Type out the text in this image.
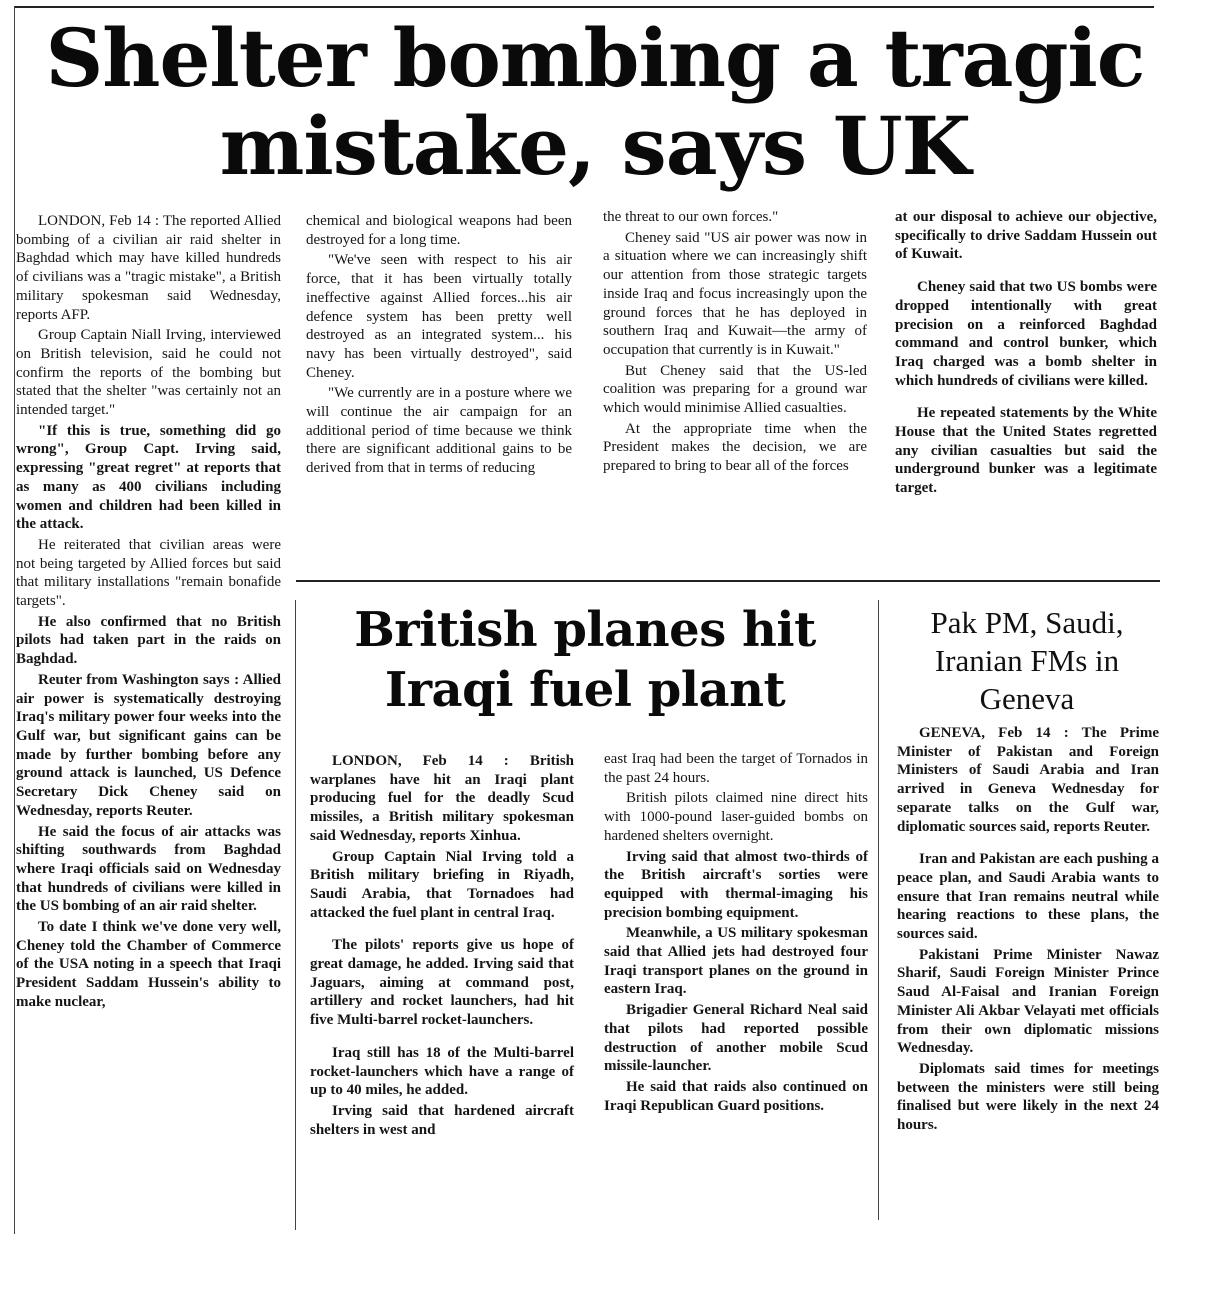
Shelter bombing a tragic mistake, says UK

LONDON, Feb 14 : The reported Allied bombing of a civilian air raid shelter in Baghdad which may have killed hundreds of civilians was a "tragic mistake", a British military spokesman said Wednesday, reports AFP.

Group Captain Niall Irving, interviewed on British television, said he could not confirm the reports of the bombing but stated that the shelter "was certainly not an intended target."

"If this is true, something did go wrong", Group Capt. Irving said, expressing "great regret" at reports that as many as 400 civilians including women and children had been killed in the attack.

He reiterated that civilian areas were not being targeted by Allied forces but said that military installations "remain bonafide targets".

He also confirmed that no British pilots had taken part in the raids on Baghdad.

Reuter from Washington says : Allied air power is systematically destroying Iraq's military power four weeks into the Gulf war, but significant gains can be made by further bombing before any ground attack is launched, US Defence Secretary Dick Cheney said on Wednesday, reports Reuter.

He said the focus of air attacks was shifting southwards from Baghdad where Iraqi officials said on Wednesday that hundreds of civilians were killed in the US bombing of an air raid shelter.

To date I think we've done very well, Cheney told the Chamber of Commerce of the USA noting in a speech that Iraqi President Saddam Hussein's ability to make nuclear,

chemical and biological weapons had been destroyed for a long time.

"We've seen with respect to his air force, that it has been virtually totally ineffective against Allied forces...his air defence system has been pretty well destroyed as an integrated system... his navy has been virtually destroyed", said Cheney.

"We currently are in a posture where we will continue the air campaign for an additional period of time because we think there are significant additional gains to be derived from that in terms of reducing

the threat to our own forces."

Cheney said "US air power was now in a situation where we can increasingly shift our attention from those strategic targets inside Iraq and focus increasingly upon the ground forces that he has deployed in southern Iraq and Kuwait—the army of occupation that currently is in Kuwait."

But Cheney said that the US-led coalition was preparing for a ground war which would minimise Allied casualties.

At the appropriate time when the President makes the decision, we are prepared to bring to bear all of the forces

at our disposal to achieve our objective, specifically to drive Saddam Hussein out of Kuwait.

Cheney said that two US bombs were dropped intentionally with great precision on a reinforced Baghdad command and control bunker, which Iraq charged was a bomb shelter in which hundreds of civilians were killed.

He repeated statements by the White House that the United States regretted any civilian casualties but said the underground bunker was a legitimate target.

British planes hit Iraqi fuel plant

LONDON, Feb 14 : British warplanes have hit an Iraqi plant producing fuel for the deadly Scud missiles, a British military spokesman said Wednesday, reports Xinhua.

Group Captain Nial Irving told a British military briefing in Riyadh, Saudi Arabia, that Tornadoes had attacked the fuel plant in central Iraq.

The pilots' reports give us hope of great damage, he added. Irving said that Jaguars, aiming at command post, artillery and rocket launchers, had hit five Multi-barrel rocket-launchers.

Iraq still has 18 of the Multi-barrel rocket-launchers which have a range of up to 40 miles, he added.

Irving said that hardened aircraft shelters in west and

east Iraq had been the target of Tornados in the past 24 hours.

British pilots claimed nine direct hits with 1000-pound laser-guided bombs on hardened shelters overnight.

Irving said that almost two-thirds of the British aircraft's sorties were equipped with thermal-imaging his precision bombing equipment.

Meanwhile, a US military spokesman said that Allied jets had destroyed four Iraqi transport planes on the ground in eastern Iraq.

Brigadier General Richard Neal said that pilots had reported possible destruction of another mobile Scud missile-launcher.

He said that raids also continued on Iraqi Republican Guard positions.

Pak PM, Saudi, Iranian FMs in Geneva

GENEVA, Feb 14 : The Prime Minister of Pakistan and Foreign Ministers of Saudi Arabia and Iran arrived in Geneva Wednesday for separate talks on the Gulf war, diplomatic sources said, reports Reuter.

Iran and Pakistan are each pushing a peace plan, and Saudi Arabia wants to ensure that Iran remains neutral while hearing reactions to these plans, the sources said.

Pakistani Prime Minister Nawaz Sharif, Saudi Foreign Minister Prince Saud Al-Faisal and Iranian Foreign Minister Ali Akbar Velayati met officials from their own diplomatic missions Wednesday.

Diplomats said times for meetings between the ministers were still being finalised but were likely in the next 24 hours.
